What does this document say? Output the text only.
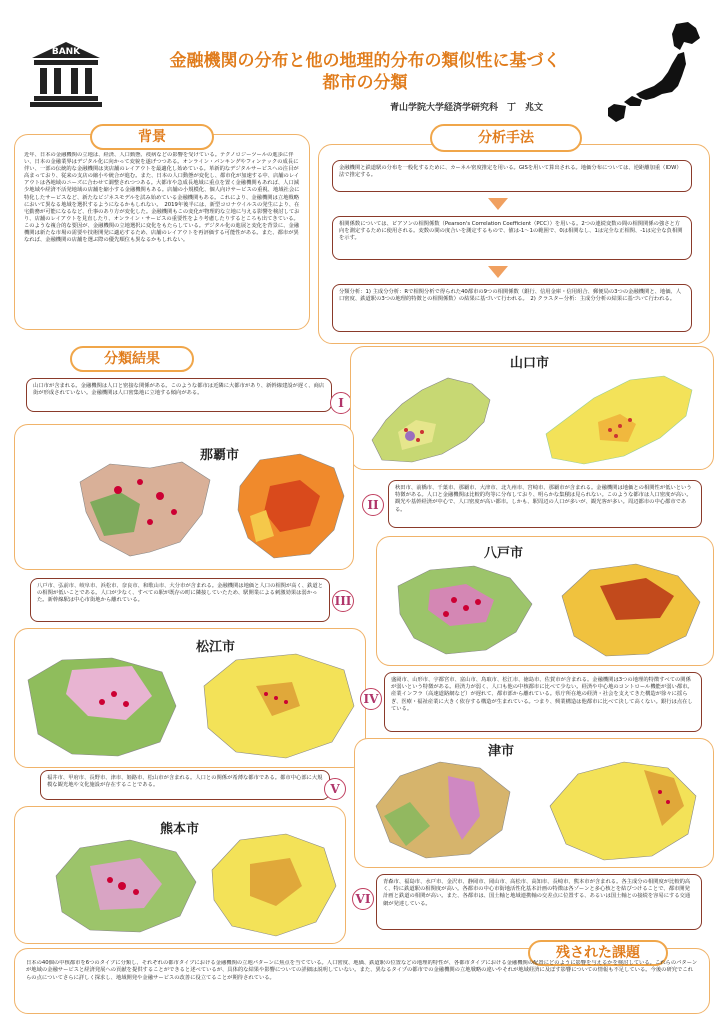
BANK	金融機関の分布と他の地理的分布の類似性に基づく
都市の分類
青山学院大学経済学研究科　丁　兆文
背景
近年、日本の金融機関の立地は、経済、人口動態、疫病などの影響を受けている。テクノロジーツールの進歩に伴い、日本の金融業界はデジタル化に向かって変貌を遂げつつある。オンライン・バンキングやフィンテックの成長に伴い、一部の伝統的な金融機関は実店舗のレイアウトを最適化し始めている。革新的なデジタルサービスへの注目が高まっており、従来の支店の縮小や統合が進む。また、日本の人口動態が変化し、都市化が加速する中、店舗のレイアウトは各地域のニーズに合わせて調整されつつある。大都市や急成長地域に重点を置く金融機関もあれば、人口減少地域や経済不活発地域の店舗を縮小する金融機関もある。店舗の小規模化、個人向けサービスの重視、地域社会に特化したサービスなど、新たなビジネスモデルを試み始めている金融機関もある。これにより、金融機関は立地戦略において異なる地域を選択するようになるかもしれない。　2019年後半には、新型コロナウイルスの発生により、在宅勤務が可能になるなど、仕事のあり方が変化した。金融機関もこの変化が物理的な立地に与える影響を検討しており、店舗のレイアウトを見直したり、オンライン・サービスの重要性をより考慮したりするところも出てきている。　このような複合的な要因が、金融機関の立地選択に変化をもたらしている。デジタル化の進展と変化を背景に、金融機関は新たな市場の需要や技術開発に適応するため、店舗のレイアウトを再評価する可能性がある。また、都市が異なれば、金融機関の店舗を選ぶ際の優先順位も異なるかもしれない。
分析手法
金融機関と鉄道駅の分布を一般化するために、カーネル密度推定を用いる。GISを用いて算出される。地価分布については、逆距離加重（IDW）法で推定する。
相関係数については、ピアソンの相関係数（Pearson's Correlation Coefficient（PCC））を用いる。2つの連続変数の間の相関関係の強さと方向を測定するために使用される。変数の間の度合いを測定するもので、値は-1～1の範囲で、0は相関なし、1は完全な正相関、-1は完全な負相関を示す。
分類分析：1) 主成分分析：Rで相関分析で得られた40都市の9つの相関係数（銀行、信用金庫・信用組合、郵便局の3つの金融機関と、地価、人口密度、鉄道駅の3つの地理的特徴との相関係数）の結果に基づいて行われる。　2) クラスター分析：主成分分析の結果に基づいて行われる。
分類結果
山口市が含まれる。金融機関は人口と密接な関係がある。このような都市は近隣に大都市があり、新幹線建設が遅く、商店街が形成されていない。金融機関は人口密集地に立地する傾向がある。
I
山口市
那覇市
秋田市、前橋市、千葉市、那覇市、大津市、北九州市、宮崎市、那覇市が含まれる。金融機関は地価との相関性が低いという特徴がある。人口と金融機関は比較的均等に分布しており、明らかな集積は見られない。このような都市は人口密度が高い。観光や基幹経済が中心で、人口密度が高い都市。しかも、駅周辺の人口が多いが、観光客が多い。周辺都市の中心都市である。
II
八戸市
八戸市、弘前市、岐阜市、浜松市、奈良市、和歌山市、大分市が含まれる。金融機関は地価と人口の相関が高く、鉄道との相関が低いことである。人口が少なく、すべての駅が既存の町に隣接していたため、駅開業による刺激効果は弱かった。新幹線駅は中心市街地から離れている。	III
松江市
盛岡市、山形市、宇都宮市、富山市、鳥取市、松江市、徳島市、佐賀市が含まれる。金融機関は3つの地理的特徴すべての関係が弱いという特徴がある。経済力が弱く、人口も他の中核都市に比べて少ない。経済や中心地のコントロール機能が弱い都市。産業インフラ（高速道路網など）が遅れて、都市部から離れている。県庁所在地の経済・社会を支えてきた構造が徐々に揺らぎ、医療・福祉産業に大きく依存する構造が生まれている。つまり、興業構造は他都市に比べて決して高くない。銀行は点在している。
IV
津市
福井市、甲府市、長野市、津市、姫路市、松山市が含まれる。人口との関係が希薄な都市である。都市中心部に大規模な観光地や文化施設が存在することである。	V
熊本市
青森市、福島市、水戸市、金沢市、静岡市、岡山市、高松市、高知市、長崎市、熊本市が含まれる。各主成分の相関度が比較的高く、特に鉄道駅の相関度が高い。各都市の中心市街地活性化基本計画の特徴は各ゾーンと多心核とを結びつけることで、都市開発計画と鉄道の相関が高い。また、各都市は、国土軸と地域連携軸の交差点に位置する、あるいは国土軸との接続を容易にする交通網が発達している。
VI
残された課題
日本の40個の中核都市を6つのタイプに分類し、それぞれの都市タイプにおける金融機関の立地パターンに焦点を当てている。人口密度、地価、鉄道駅の位置などの地理的特性が、各都市タイプにおける金融機関の配置にどのように影響を与えるかを検討している。これらのパターンが地域の金融サービスと経済発展への貢献を提供することができると述べているが、具体的な結果や影響についての詳細は説明していない。また、異なるタイプの都市での金融機関の立地戦略の違いやそれが地域経済に及ぼす影響についての情報も不足している。今後の研究でこれらの点についてさらに詳しく探求し、地域開発や金融サービスの改善に役立てることが期待されている。
